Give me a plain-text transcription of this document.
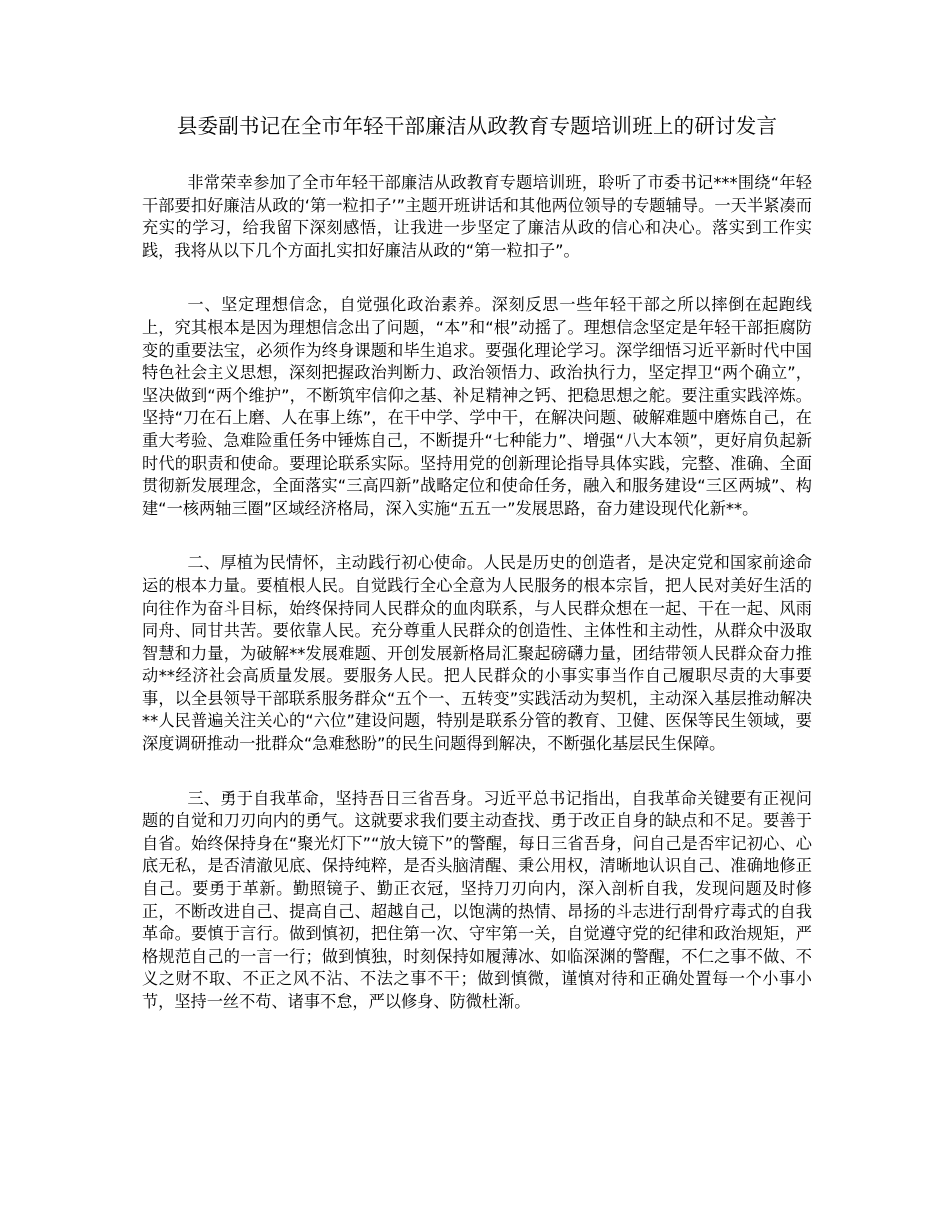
县委副书记在全市年轻干部廉洁从政教育专题培训班上的研讨发言

非常荣幸参加了全市年轻干部廉洁从政教育专题培训班，聆听了市委书记***围绕“年轻干部要扣好廉洁从政的‘第一粒扣子’”主题开班讲话和其他两位领导的专题辅导。一天半紧凑而充实的学习，给我留下深刻感悟，让我进一步坚定了廉洁从政的信心和决心。落实到工作实践，我将从以下几个方面扎实扣好廉洁从政的“第一粒扣子”。

一、坚定理想信念，自觉强化政治素养。深刻反思一些年轻干部之所以摔倒在起跑线上，究其根本是因为理想信念出了问题，“本”和“根”动摇了。理想信念坚定是年轻干部拒腐防变的重要法宝，必须作为终身课题和毕生追求。要强化理论学习。深学细悟习近平新时代中国特色社会主义思想，深刻把握政治判断力、政治领悟力、政治执行力，坚定捍卫“两个确立”，坚决做到“两个维护”，不断筑牢信仰之基、补足精神之钙、把稳思想之舵。要注重实践淬炼。坚持“刀在石上磨、人在事上练”，在干中学、学中干，在解决问题、破解难题中磨炼自己，在重大考验、急难险重任务中锤炼自己，不断提升“七种能力”、增强“八大本领”，更好肩负起新时代的职责和使命。要理论联系实际。坚持用党的创新理论指导具体实践，完整、准确、全面贯彻新发展理念，全面落实“三高四新”战略定位和使命任务，融入和服务建设“三区两城”、构建“一核两轴三圈”区域经济格局，深入实施“五五一”发展思路，奋力建设现代化新**。

二、厚植为民情怀，主动践行初心使命。人民是历史的创造者，是决定党和国家前途命运的根本力量。要植根人民。自觉践行全心全意为人民服务的根本宗旨，把人民对美好生活的向往作为奋斗目标，始终保持同人民群众的血肉联系，与人民群众想在一起、干在一起、风雨同舟、同甘共苦。要依靠人民。充分尊重人民群众的创造性、主体性和主动性，从群众中汲取智慧和力量，为破解**发展难题、开创发展新格局汇聚起磅礴力量，团结带领人民群众奋力推动**经济社会高质量发展。要服务人民。把人民群众的小事实事当作自己履职尽责的大事要事，以全县领导干部联系服务群众“五个一、五转变”实践活动为契机，主动深入基层推动解决**人民普遍关注关心的“六位”建设问题，特别是联系分管的教育、卫健、医保等民生领域，要深度调研推动一批群众“急难愁盼”的民生问题得到解决，不断强化基层民生保障。

三、勇于自我革命，坚持吾日三省吾身。习近平总书记指出，自我革命关键要有正视问题的自觉和刀刃向内的勇气。这就要求我们要主动查找、勇于改正自身的缺点和不足。要善于自省。始终保持身在“聚光灯下”“放大镜下”的警醒，每日三省吾身，问自己是否牢记初心、心底无私，是否清澈见底、保持纯粹，是否头脑清醒、秉公用权，清晰地认识自己、准确地修正自己。要勇于革新。勤照镜子、勤正衣冠，坚持刀刃向内，深入剖析自我，发现问题及时修正，不断改进自己、提高自己、超越自己，以饱满的热情、昂扬的斗志进行刮骨疗毒式的自我革命。要慎于言行。做到慎初，把住第一次、守牢第一关，自觉遵守党的纪律和政治规矩，严格规范自己的一言一行；做到慎独，时刻保持如履薄冰、如临深渊的警醒，不仁之事不做、不义之财不取、不正之风不沾、不法之事不干；做到慎微，谨慎对待和正确处置每一个小事小节，坚持一丝不苟、诸事不怠，严以修身、防微杜渐。
